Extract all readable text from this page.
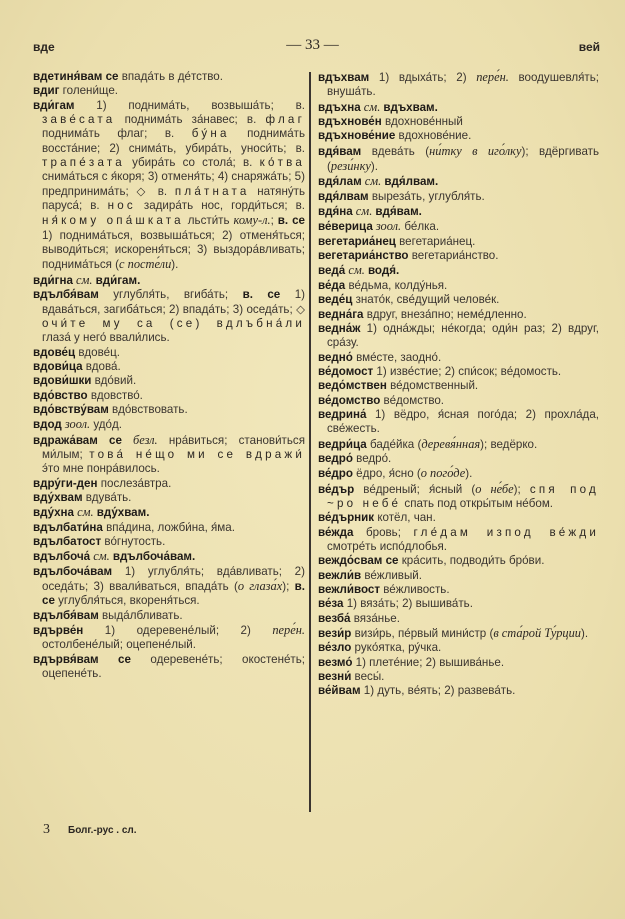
вде	— 33 —	вей

вдетиня́вам се впада́ть в де́тство.

вдиг голени́ще.

вди́гам 1) поднима́ть, возвыша́ть; в. заве́сата поднима́ть за́навес; в. флаг поднима́ть флаг; в. бу́на поднима́ть восста́ние; 2) снима́ть, убира́ть, уноси́ть; в. трапе́зата убира́ть со стола́; в. ко́тва снима́ться с я́коря; 3) отменя́ть; 4) снаряжа́ть; 5) предпринима́ть; ◇ в. пла́тната натяну́ть паруса́; в. нос задира́ть нос, горди́ться; в. ня́кому опа́шката льсти́ть кому-л.; в. се 1) поднима́ться, возвыша́ться; 2) отменя́ться; выводи́ться; искореня́ться; 3) выздора́вливать; поднима́ться (с посте́ли).

вди́гна см. вди́гам.

вдълбя́вам углубля́ть, вгиба́ть; в. се 1) вдава́ться, загиба́ться; 2) впада́ть; 3) оседа́ть; ◇ очи́те му са (се) вдлъбна́ли глаза́ у него́ ввали́лись.

вдове́ц вдове́ц.

вдови́ца вдова́.

вдови́шки вдо́вий.

вдо́вство вдовство́.

вдо́вству́вам вдо́вствовать.

вдод зоол. удо́д.

вдража́вам се безл. нра́виться; станови́ться ми́лым; това́ не́що ми се вдражи́ э́то мне понра́вилось.

вдру́ги-ден послеза́втра.

вду́хвам вдува́ть.

вду́хна см. вду́хвам.

вдълбати́на впа́дина, ложби́на, я́ма.

вдълбатост во́гнутость.

вдълбоча́ см. вдълбоча́вам.

вдълбоча́вам 1) углубля́ть; вда́вливать; 2) оседа́ть; 3) ввали́ваться, впада́ть (о глаза́х); в. се углубля́ться, вкореня́ться.

вдълбя́вам выда́лбливать.

вдърве́н 1) одеревене́лый; 2) пере́н. остолбене́лый; оцепене́лый.

вдървя́вам се одеревене́ть; окостене́ть; оцепене́ть.

вдъхвам 1) вдыха́ть; 2) пере́н. воодушевля́ть; внуша́ть.

вдъхна см. вдъхвам.

вдъхнове́н вдохнове́нный

вдъхнове́ние вдохнове́ние.

вдя́вам вдева́ть (ни́тку в иго́лку); вдёргивать (рези́нку).

вдя́лам см. вдя́лвам.

вдя́лвам выреза́ть, углубля́ть.

вдя́на см. вдя́вам.

ве́верица зоол. бе́лка.

вегетариа́нец вегетариа́нец.

вегетариа́нство вегетариа́нство.

веда́ см. водя́.

ве́да ве́дьма, колду́нья.

веде́ц знато́к, све́дущий челове́к.

ведна́га вдруг, внеза́пно; неме́дленно.

ведна́ж 1) одна́жды; не́когда; оди́н раз; 2) вдруг, сра́зу.

ведно́ вме́сте, заодно́.

ве́домост 1) изве́стие; 2) спи́сок; ве́домость.

ведо́мствен ве́домственный.

ве́домство ве́домство.

ведрина́ 1) вёдро, я́сная пого́да; 2) прохла́да, све́жесть.

ведри́ца баде́йка (деревя́нная); ведёрко.

ведро́ ведро́.

ве́дро ёдро, я́сно (о пого́де).

ве́дър ве́дреный; я́сный (о не́бе); спя под ~ро небе́ спать под откры́тым не́бом.

ве́дърник котёл, чан.

ве́жда бровь; гле́дам изпод ве́жди смотре́ть испо́длобья.

веждо́свам се кра́сить, подводи́ть бро́ви.

вежли́в ве́жливый.

вежли́вост ве́жливость.

ве́за 1) вяза́ть; 2) вышива́ть.

везба́ вяза́нье.

вези́р визи́рь, пе́рвый мини́стр (в ста́рой Ту́рции).

ве́зло руко́ятка, ру́чка.

везмо́ 1) плете́ние; 2) вышива́нье.

везни́ весы́.

ве́йвам 1) дуть, ве́ять; 2) развева́ть.

3 Болг.-рус . сл.
